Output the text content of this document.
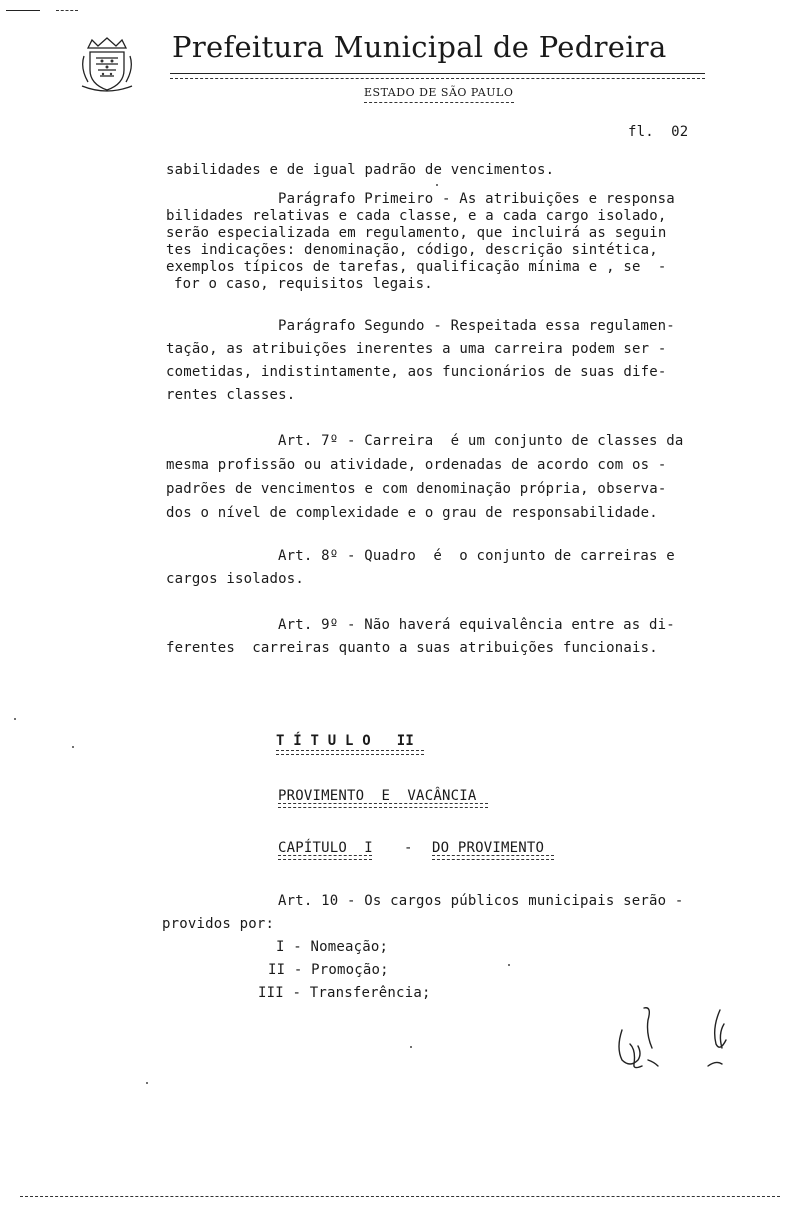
Prefeitura Municipal de Pedreira
ESTADO DE SÃO PAULO
fl.  02
sabilidades e de igual padrão de vencimentos.
Parágrafo Primeiro - As atribuições e responsa
bilidades relativas e cada classe, e a cada cargo isolado,
serão especializada em regulamento, que incluirá as seguin
tes indicações: denominação, código, descrição sintética,
exemplos típicos de tarefas, qualificação mínima e , se  -
for o caso, requisitos legais.
Parágrafo Segundo - Respeitada essa regulamen-
tação, as atribuições inerentes a uma carreira podem ser -
cometidas, indistintamente, aos funcionários de suas dife-
rentes classes.
Art. 7º - Carreira  é um conjunto de classes da
mesma profissão ou atividade, ordenadas de acordo com os -
padrões de vencimentos e com denominação própria, observa-
dos o nível de complexidade e o grau de responsabilidade.
Art. 8º - Quadro  é  o conjunto de carreiras e
cargos isolados.
Art. 9º - Não haverá equivalência entre as di-
ferentes  carreiras quanto a suas atribuições funcionais.
T Í T U L O   II
PROVIMENTO  E  VACÂNCIA
CAPÍTULO  I - DO PROVIMENTO
Art. 10 - Os cargos públicos municipais serão -
providos por:
I - Nomeação;
II - Promoção;
III - Transferência;
